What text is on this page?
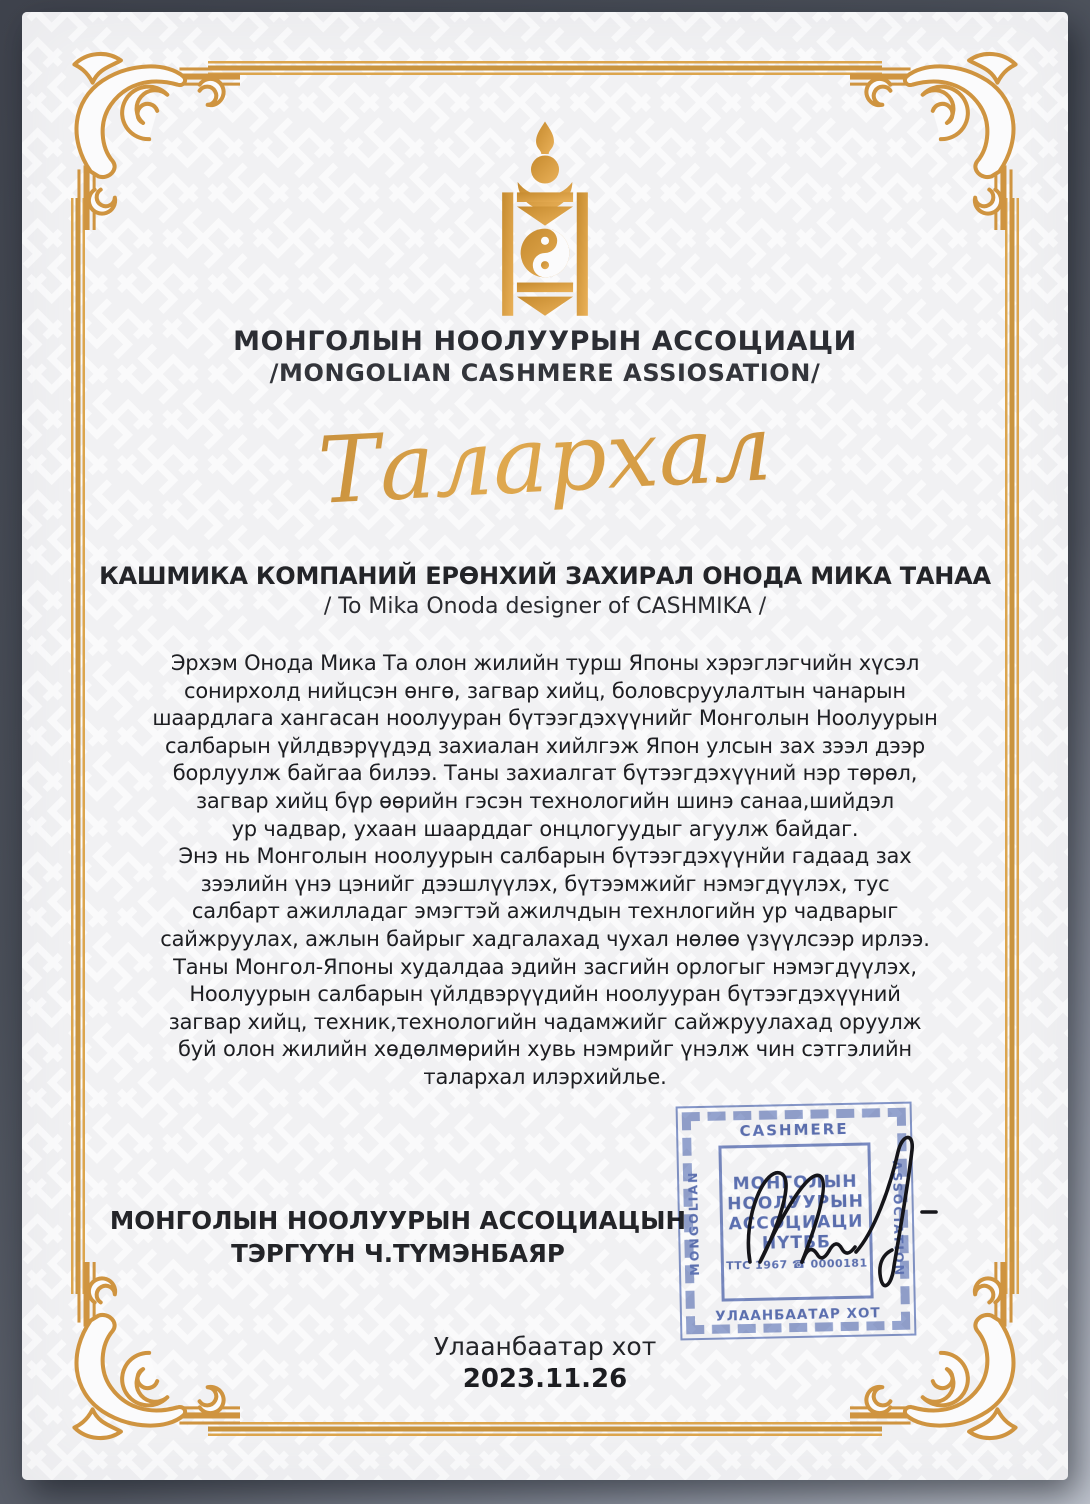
МОНГОЛЫН НООЛУУРЫН АССОЦИАЦИ
/MONGOLIAN CASHMERE ASSIOSATION/
Талархал
КАШМИКА КОМПАНИЙ ЕРӨНХИЙ ЗАХИРАЛ ОНОДА МИКА ТАНАА
/ To Mika Onoda designer of CASHMIKA /
Эрхэм Онода Мика Та олон жилийн турш Японы хэрэглэгчийн хүсэл
сонирхолд нийцсэн өнгө, загвар хийц, боловсруулалтын чанарын
шаардлага хангасан ноолууран бүтээгдэхүүнийг Монголын Ноолуурын
салбарын үйлдвэрүүдэд захиалан хийлгэж Япон улсын зах зээл дээр
борлуулж байгаа билээ. Таны захиалгат бүтээгдэхүүний нэр төрөл,
загвар хийц бүр өөрийн гэсэн технологийн шинэ санаа,шийдэл
ур чадвар, ухаан шаарддаг онцлогуудыг агуулж байдаг.
Энэ нь Монголын ноолуурын салбарын бүтээгдэхүүнйи гадаад зах
зээлийн үнэ цэнийг дээшлүүлэх, бүтээмжийг нэмэгдүүлэх, тус
салбарт ажилладаг эмэгтэй ажилчдын технлогийн ур чадварыг
сайжруулах, ажлын байрыг хадгалахад чухал нөлөө үзүүлсээр ирлээ.
Таны Монгол-Японы худалдаа эдийн засгийн орлогыг нэмэгдүүлэх,
Ноолуурын салбарын үйлдвэрүүдийн ноолууран бүтээгдэхүүний
загвар хийц, техник,технологийн чадамжийг сайжруулахад оруулж
буй олон жилийн хөдөлмөрийн хувь нэмрийг үнэлж чин сэтгэлийн
талархал илэрхийлье.
МОНГОЛЫН НООЛУУРЫН АССОЦИАЦЫН
ТЭРГҮҮН Ч.ТҮМЭНБАЯР
CASHMERE
УЛААНБААТАР ХОТ
MONGOLIAN	ASSOCIATION
МОНГОЛЫН
НООЛУУРЫН
АССОЦИАЦИ
НҮТББ
ТТС 1967 ☎ 0000181
Улаанбаатар хот
2023.11.26
